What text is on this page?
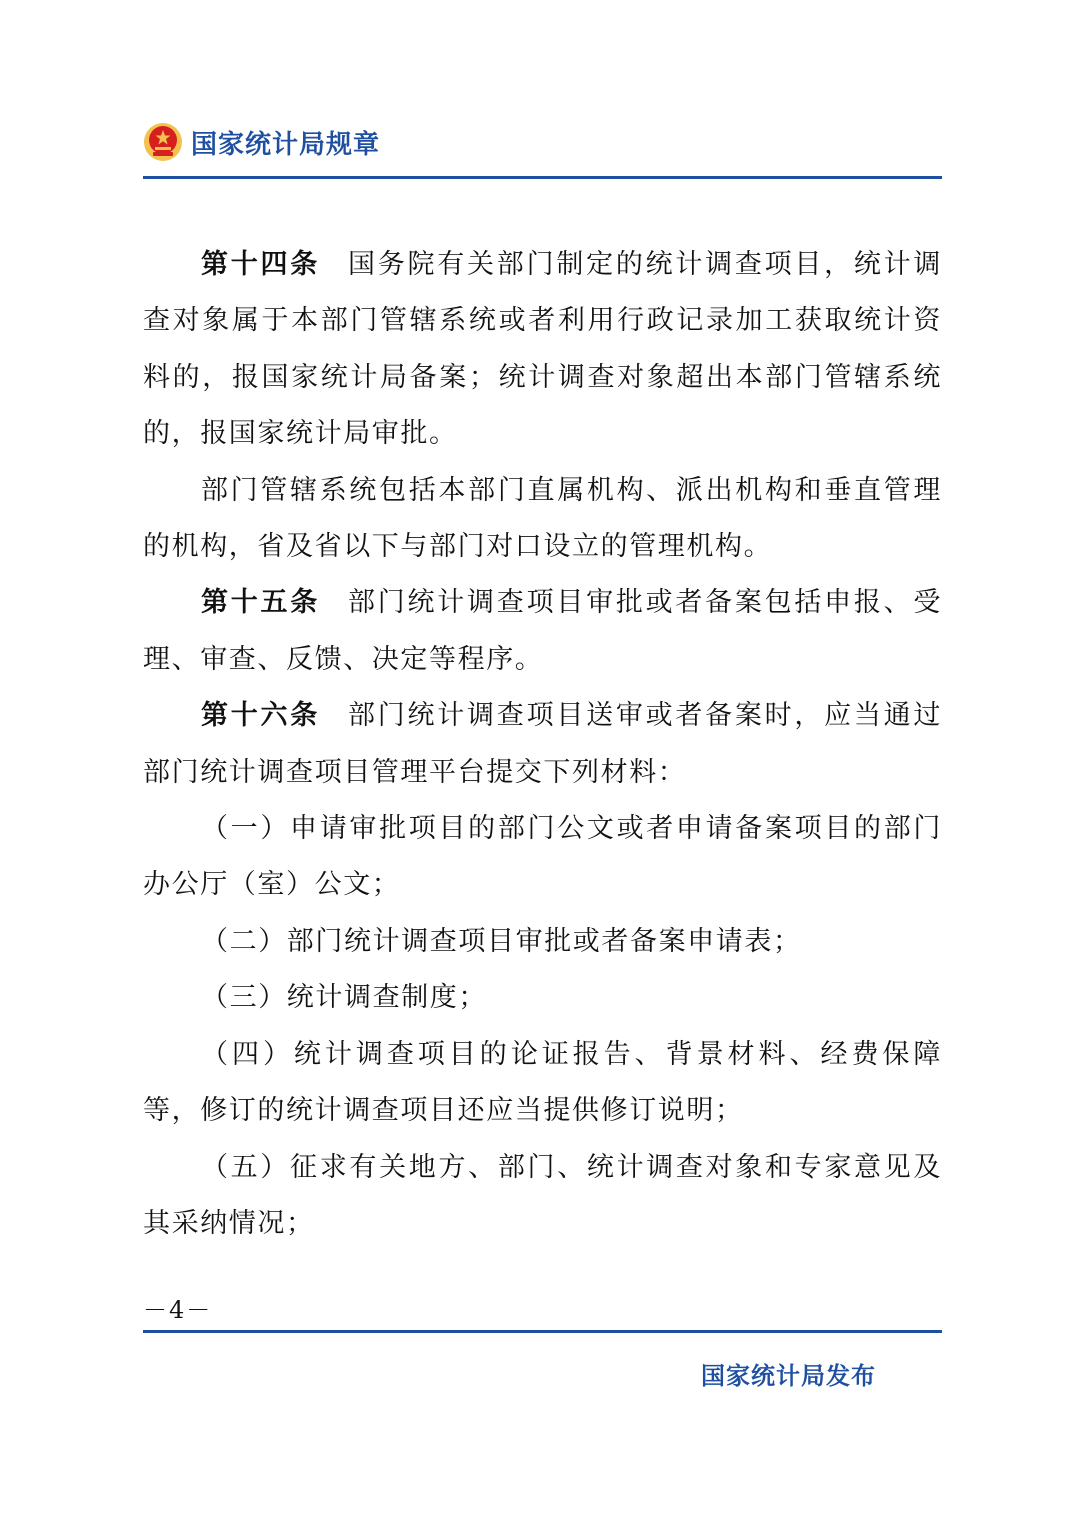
国家统计局规章

第十四条 国务院有关部门制定的统计调查项目，统计调查对象属于本部门管辖系统或者利用行政记录加工获取统计资料的，报国家统计局备案；统计调查对象超出本部门管辖系统的，报国家统计局审批。

部门管辖系统包括本部门直属机构、派出机构和垂直管理的机构，省及省以下与部门对口设立的管理机构。

第十五条 部门统计调查项目审批或者备案包括申报、受理、审查、反馈、决定等程序。

第十六条 部门统计调查项目送审或者备案时，应当通过部门统计调查项目管理平台提交下列材料：

（一）申请审批项目的部门公文或者申请备案项目的部门办公厅（室）公文；

（二）部门统计调查项目审批或者备案申请表；

（三）统计调查制度；

（四）统计调查项目的论证报告、背景材料、经费保障等，修订的统计调查项目还应当提供修订说明；

（五）征求有关地方、部门、统计调查对象和专家意见及其采纳情况；

－4－
国家统计局发布
